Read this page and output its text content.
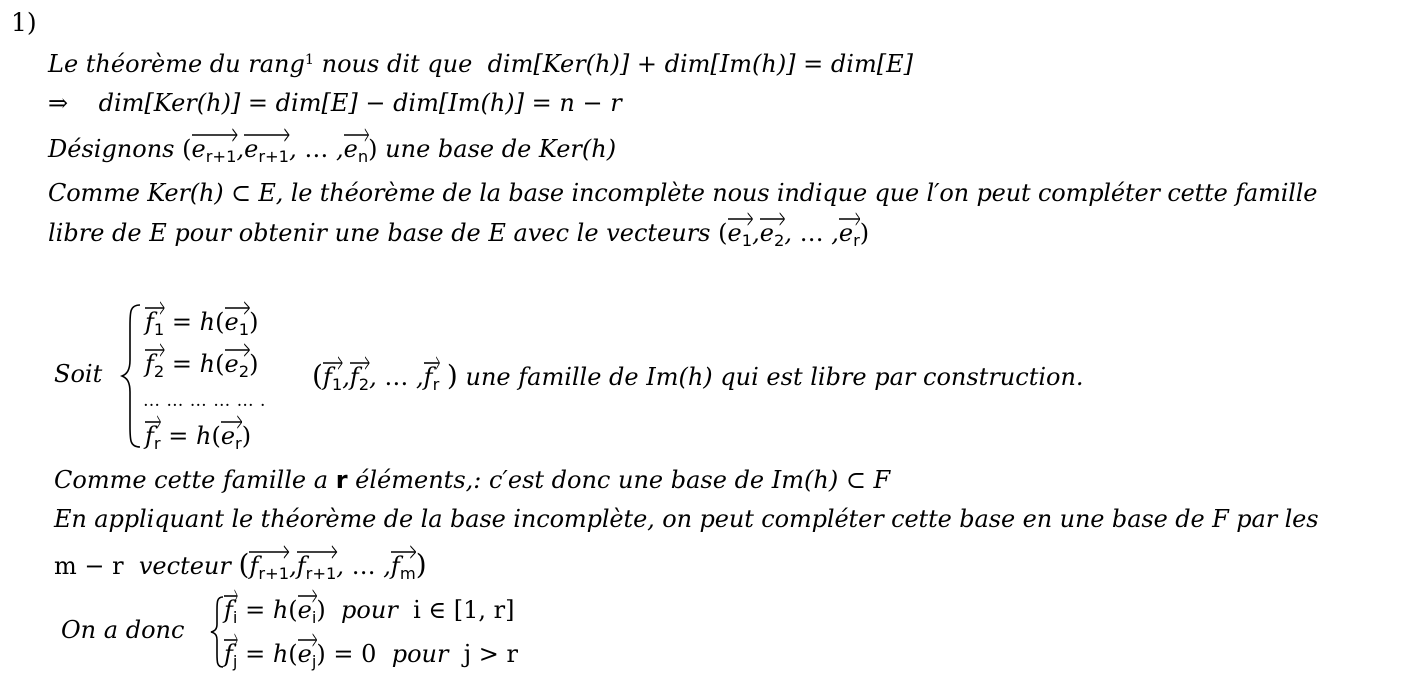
1)
Le théorème du rang$^1$ nous dit que dim[Ker(h)] + dim[Im(h)] = dim[E]
⇒ dim[Ker(h)] = dim[E] − dim[Im(h)] = n − r
Désignons (
$e_{r+1}$,
$e_{r+1}$, … ,
$e_n$) une base de Ker(h)
Comme Ker(h) ⊂ E, le théorème de la base incomplète nous indique que l′on peut compléter cette famille
libre de E pour obtenir une base de E avec le vecteurs (
$e_1$,
$e_2$, … ,
$e_r$)
Soit
$f_1 = h$(
$e_1$)
$f_2 = h$(
$e_2$)
… … … … … .
$f_r = h$(
$e_r$)
(
$f_1$,
$f_2$, … ,
$f_r$ ) une famille de Im(h) qui est libre par construction.
Comme cette famille a r éléments,: c′est donc une base de Im(h) ⊂ F
En appliquant le théorème de la base incomplète, on peut compléter cette base en une base de F par les
m − r vecteur (
$f_{r+1}$,
$f_{r+1}$, … ,
$f_m$)
On a donc
$f_i = h$(
$e_i$) pour i ∈ [1, r]
$f_j = h$(
$e_j) = 0$ pour j > r
